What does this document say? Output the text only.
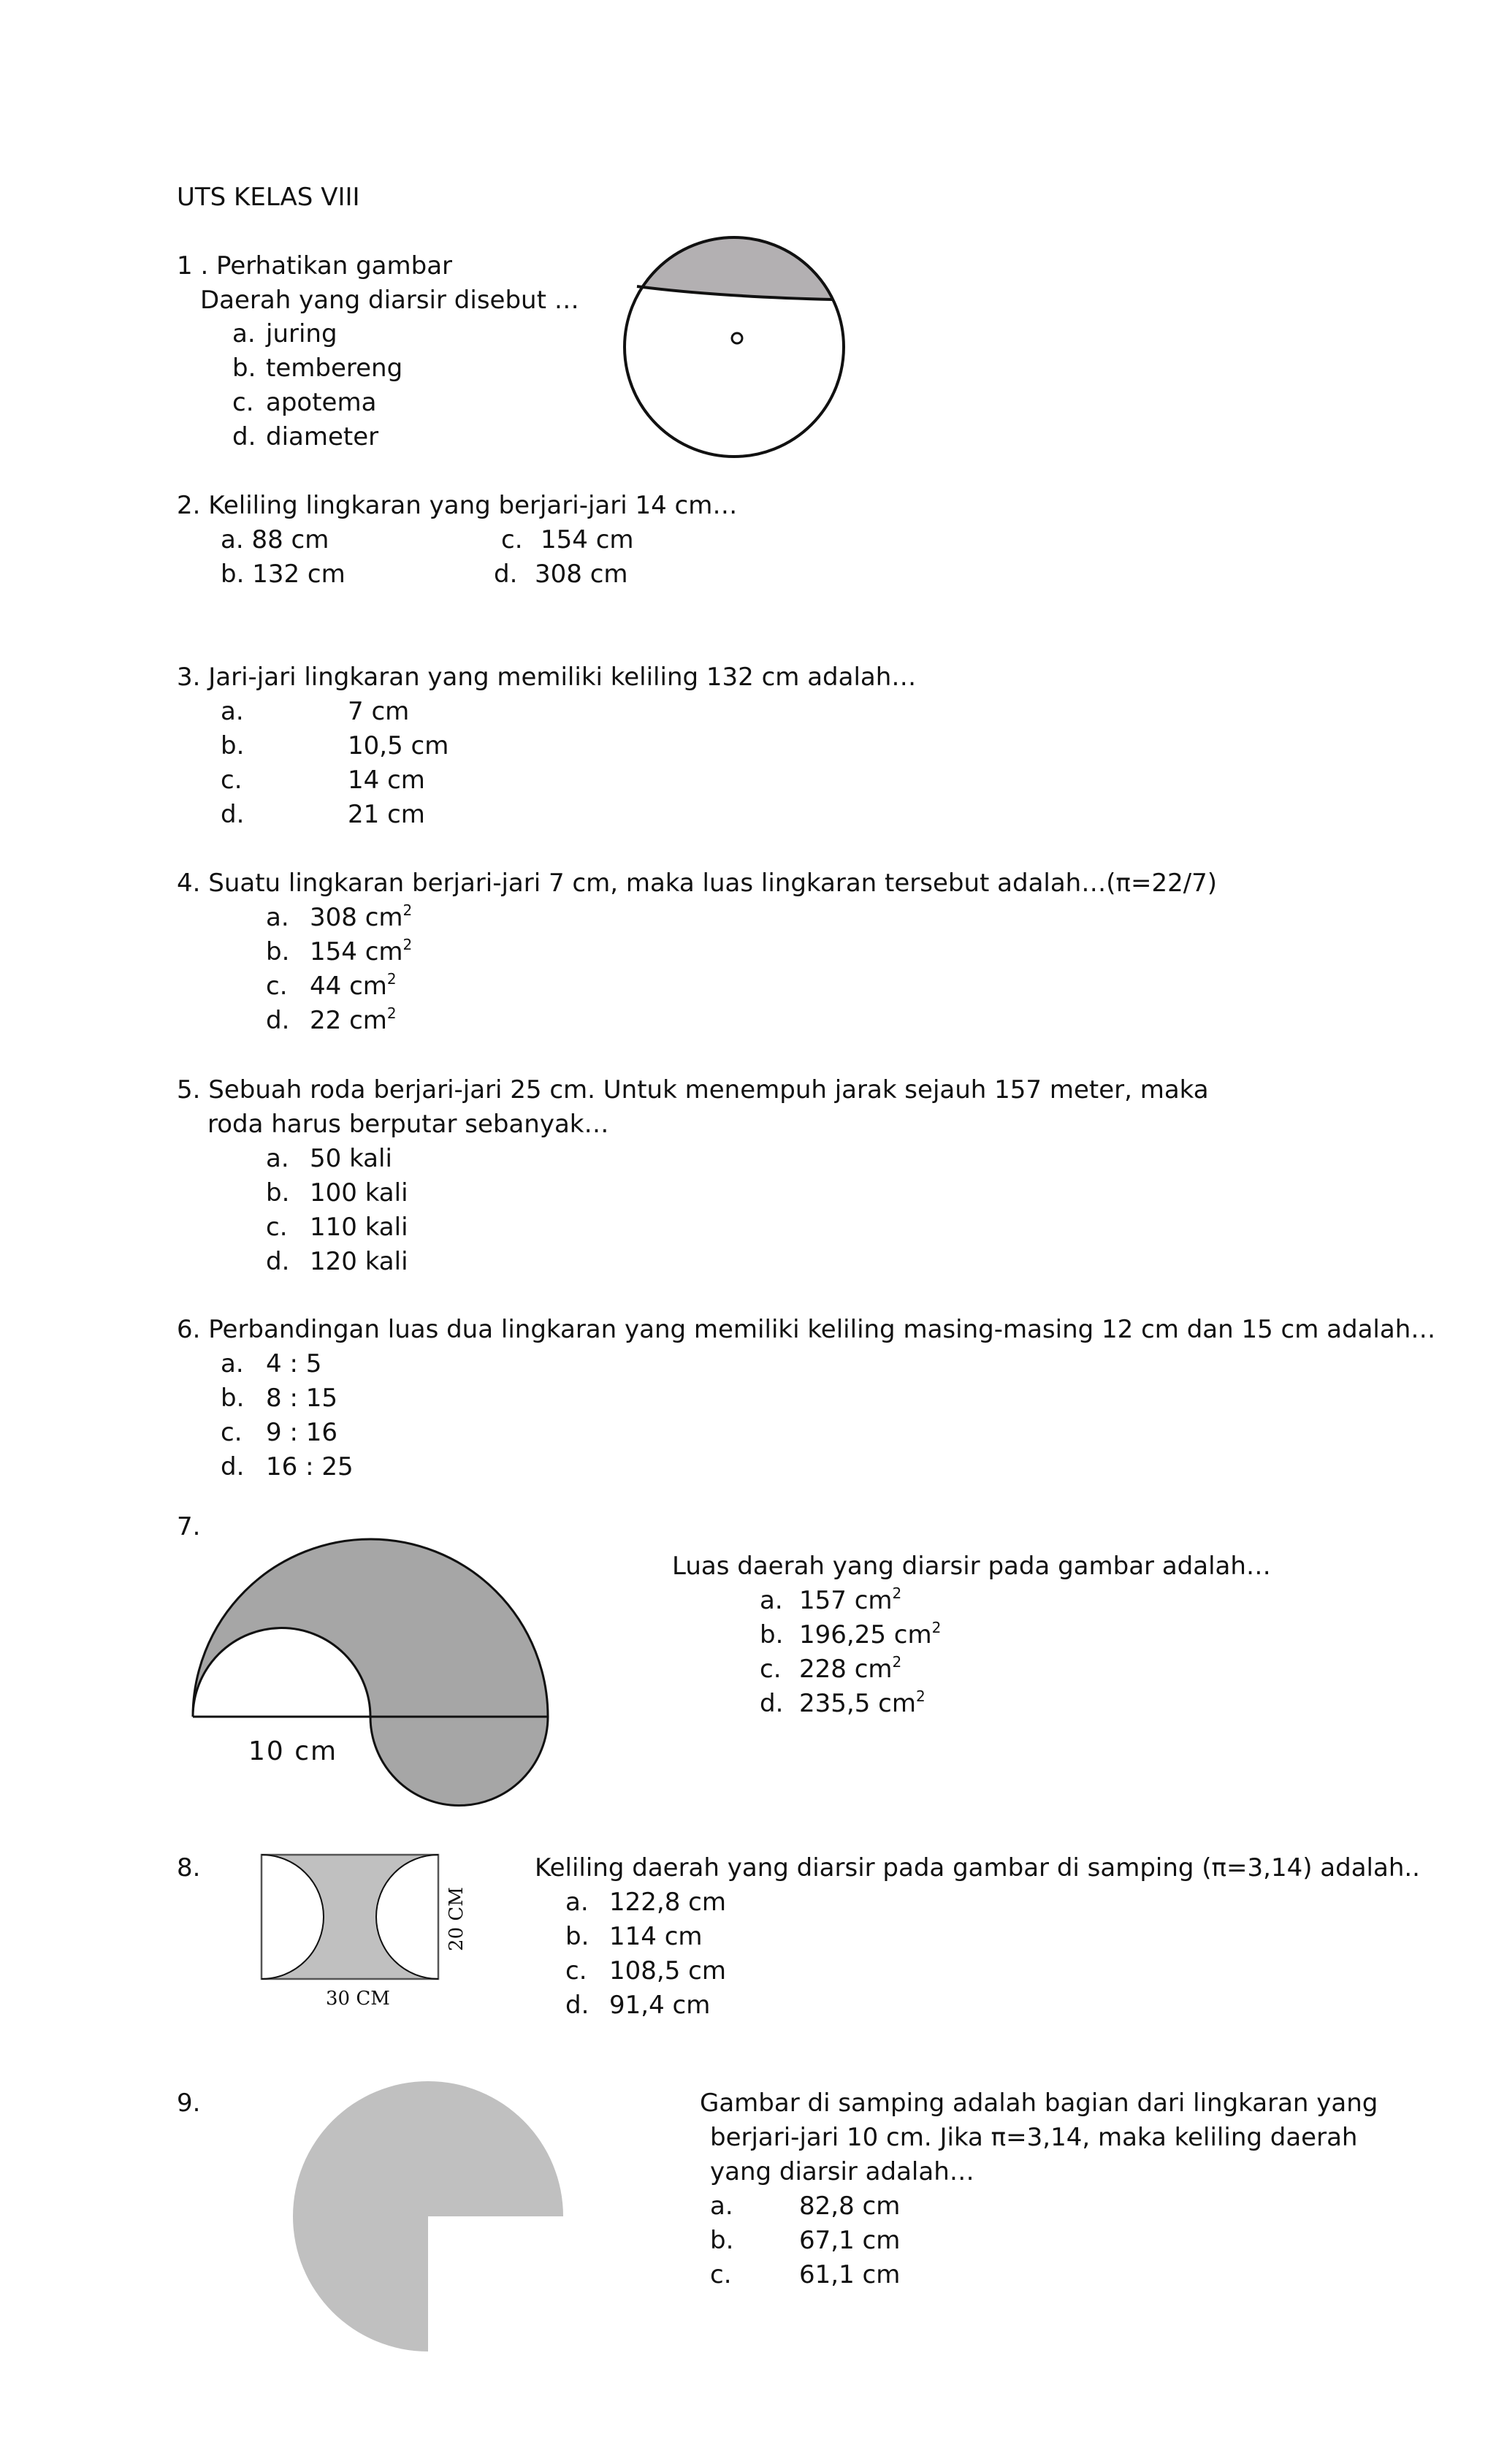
UTS KELAS VIII
1 . Perhatikan gambar
Daerah yang diarsir disebut …
a. juring
b. tembereng
c. apotema
d. diameter
2. Keliling lingkaran yang berjari-jari 14 cm…
a. 88 cm
b. 132 cm
c. 154 cm
d. 308 cm
3. Jari-jari lingkaran yang memiliki keliling 132 cm adalah…
a.	7 cm
b.	10,5 cm
c.	14 cm
d.	21 cm
4. Suatu lingkaran berjari-jari 7 cm, maka luas lingkaran tersebut adalah…(π=22/7)
a. 308 $cm^2$
b. 154 $cm^2$
c. 44 $cm^2$
d. 22 $cm^2$
5. Sebuah roda berjari-jari 25 cm. Untuk menempuh jarak sejauh 157 meter, maka
roda harus berputar sebanyak…
a. 50 kali
b. 100 kali
c. 110 kali
d. 120 kali
6. Perbandingan luas dua lingkaran yang memiliki keliling masing-masing 12 cm dan 15 cm adalah…
a. 4 : 5
b. 8 : 15
c. 9 : 16
d. 16 : 25
7.
10 cm
Luas daerah yang diarsir pada gambar adalah…
a. 157 $cm^2$
b. 196,25 $cm^2$
c. 228 $cm^2$
d. 235,5 $cm^2$
8.
30 CM
20 CM
Keliling daerah yang diarsir pada gambar di samping (π=3,14) adalah..
a. 122,8 cm
b. 114 cm
c. 108,5 cm
d. 91,4 cm
9.	Gambar di samping adalah bagian dari lingkaran yang
berjari-jari 10 cm. Jika π=3,14, maka keliling daerah
yang diarsir adalah…
a.	82,8 cm
b.	67,1 cm
c.	61,1 cm
